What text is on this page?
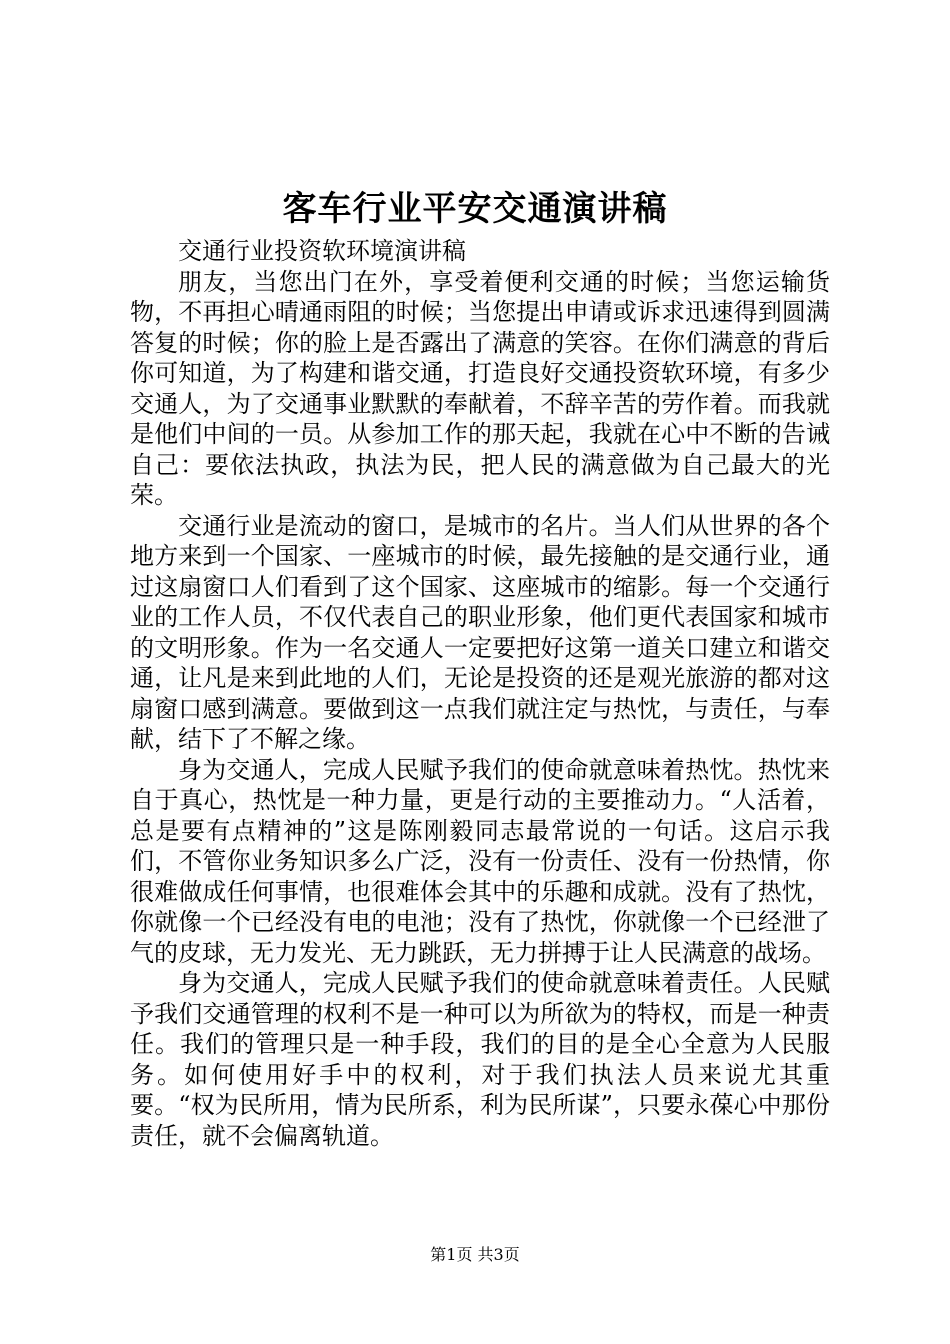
客车行业平安交通演讲稿

交通行业投资软环境演讲稿

朋友，当您出门在外，享受着便利交通的时候；当您运输货物，不再担心晴通雨阻的时候；当您提出申请或诉求迅速得到圆满答复的时候；你的脸上是否露出了满意的笑容。在你们满意的背后你可知道，为了构建和谐交通，打造良好交通投资软环境，有多少交通人，为了交通事业默默的奉献着，不辞辛苦的劳作着。而我就是他们中间的一员。从参加工作的那天起，我就在心中不断的告诫自己：要依法执政，执法为民，把人民的满意做为自己最大的光荣。

交通行业是流动的窗口，是城市的名片。当人们从世界的各个地方来到一个国家、一座城市的时候，最先接触的是交通行业，通过这扇窗口人们看到了这个国家、这座城市的缩影。每一个交通行业的工作人员，不仅代表自己的职业形象，他们更代表国家和城市的文明形象。作为一名交通人一定要把好这第一道关口建立和谐交通，让凡是来到此地的人们，无论是投资的还是观光旅游的都对这扇窗口感到满意。要做到这一点我们就注定与热忱，与责任，与奉献，结下了不解之缘。

身为交通人，完成人民赋予我们的使命就意味着热忱。热忱来自于真心，热忱是一种力量，更是行动的主要推动力。“人活着，总是要有点精神的”这是陈刚毅同志最常说的一句话。这启示我们，不管你业务知识多么广泛，没有一份责任、没有一份热情，你很难做成任何事情，也很难体会其中的乐趣和成就。没有了热忱，你就像一个已经没有电的电池；没有了热忱，你就像一个已经泄了气的皮球，无力发光、无力跳跃，无力拼搏于让人民满意的战场。

身为交通人，完成人民赋予我们的使命就意味着责任。人民赋予我们交通管理的权利不是一种可以为所欲为的特权，而是一种责任。我们的管理只是一种手段，我们的目的是全心全意为人民服务。如何使用好手中的权利，对于我们执法人员来说尤其重要。“权为民所用，情为民所系，利为民所谋”，只要永葆心中那份责任，就不会偏离轨道。

第1页 共3页
